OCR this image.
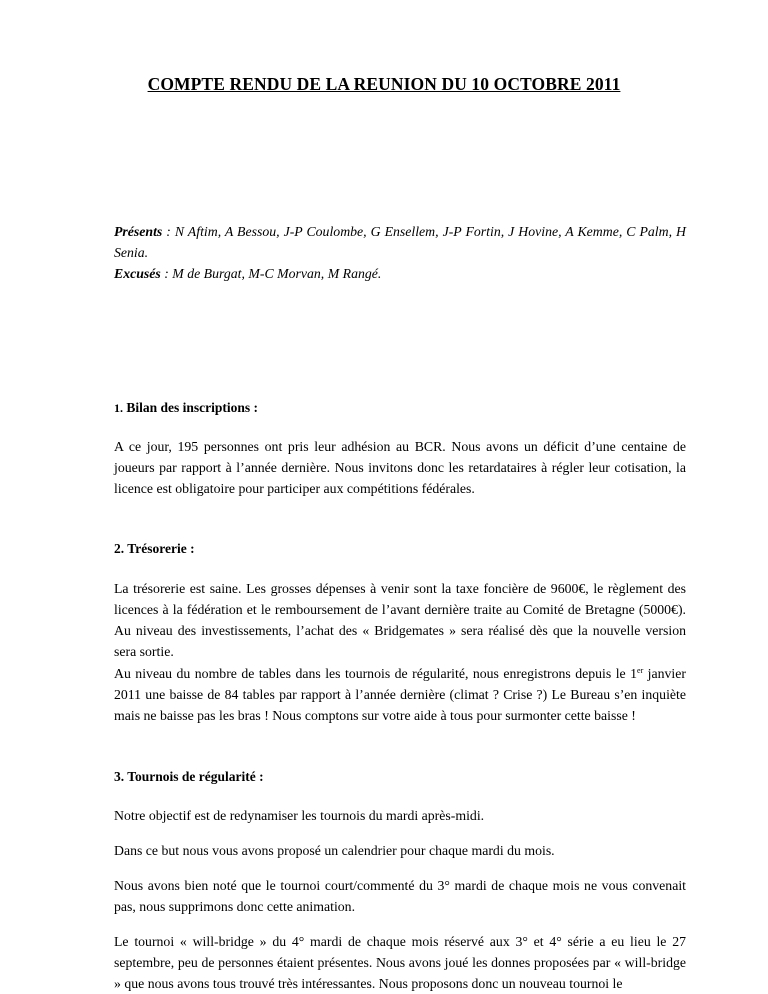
COMPTE RENDU DE LA REUNION DU 10 OCTOBRE 2011

Présents : N Aftim, A Bessou, J-P Coulombe, G Ensellem, J-P Fortin, J Hovine, A Kemme, C Palm, H Senia.

Excusés : M de Burgat, M-C Morvan, M Rangé.

1. Bilan des inscriptions :

A ce jour, 195 personnes ont pris leur adhésion au BCR. Nous avons un déficit d’une centaine de joueurs par rapport à l’année dernière. Nous invitons donc les retardataires à régler leur cotisation, la licence est obligatoire pour participer aux compétitions fédérales.

2. Trésorerie :

La trésorerie est saine. Les grosses dépenses à venir sont la taxe foncière de 9600€, le règlement des licences à la fédération et le remboursement de l’avant dernière traite au Comité de Bretagne (5000€). Au niveau des investissements, l’achat des « Bridgemates » sera réalisé dès que la nouvelle version sera sortie.

Au niveau du nombre de tables dans les tournois de régularité, nous enregistrons depuis le 1er janvier 2011 une baisse de 84 tables par rapport à l’année dernière (climat ? Crise ?) Le Bureau s’en inquiète mais ne baisse pas les bras ! Nous comptons sur votre aide à tous pour surmonter cette baisse !

3. Tournois de régularité :

Notre objectif est de redynamiser les tournois du mardi après-midi.

Dans ce but nous vous avons proposé un calendrier pour chaque mardi du mois.

Nous avons bien noté que le tournoi court/commenté du 3° mardi de chaque mois ne vous convenait pas, nous supprimons donc cette animation.

Le tournoi « will-bridge » du 4° mardi de chaque mois réservé aux 3° et 4° série a eu lieu le 27 septembre, peu de personnes étaient présentes. Nous avons joué les donnes proposées par « will-bridge » que nous avons tous trouvé très intéressantes. Nous proposons donc un nouveau tournoi le
